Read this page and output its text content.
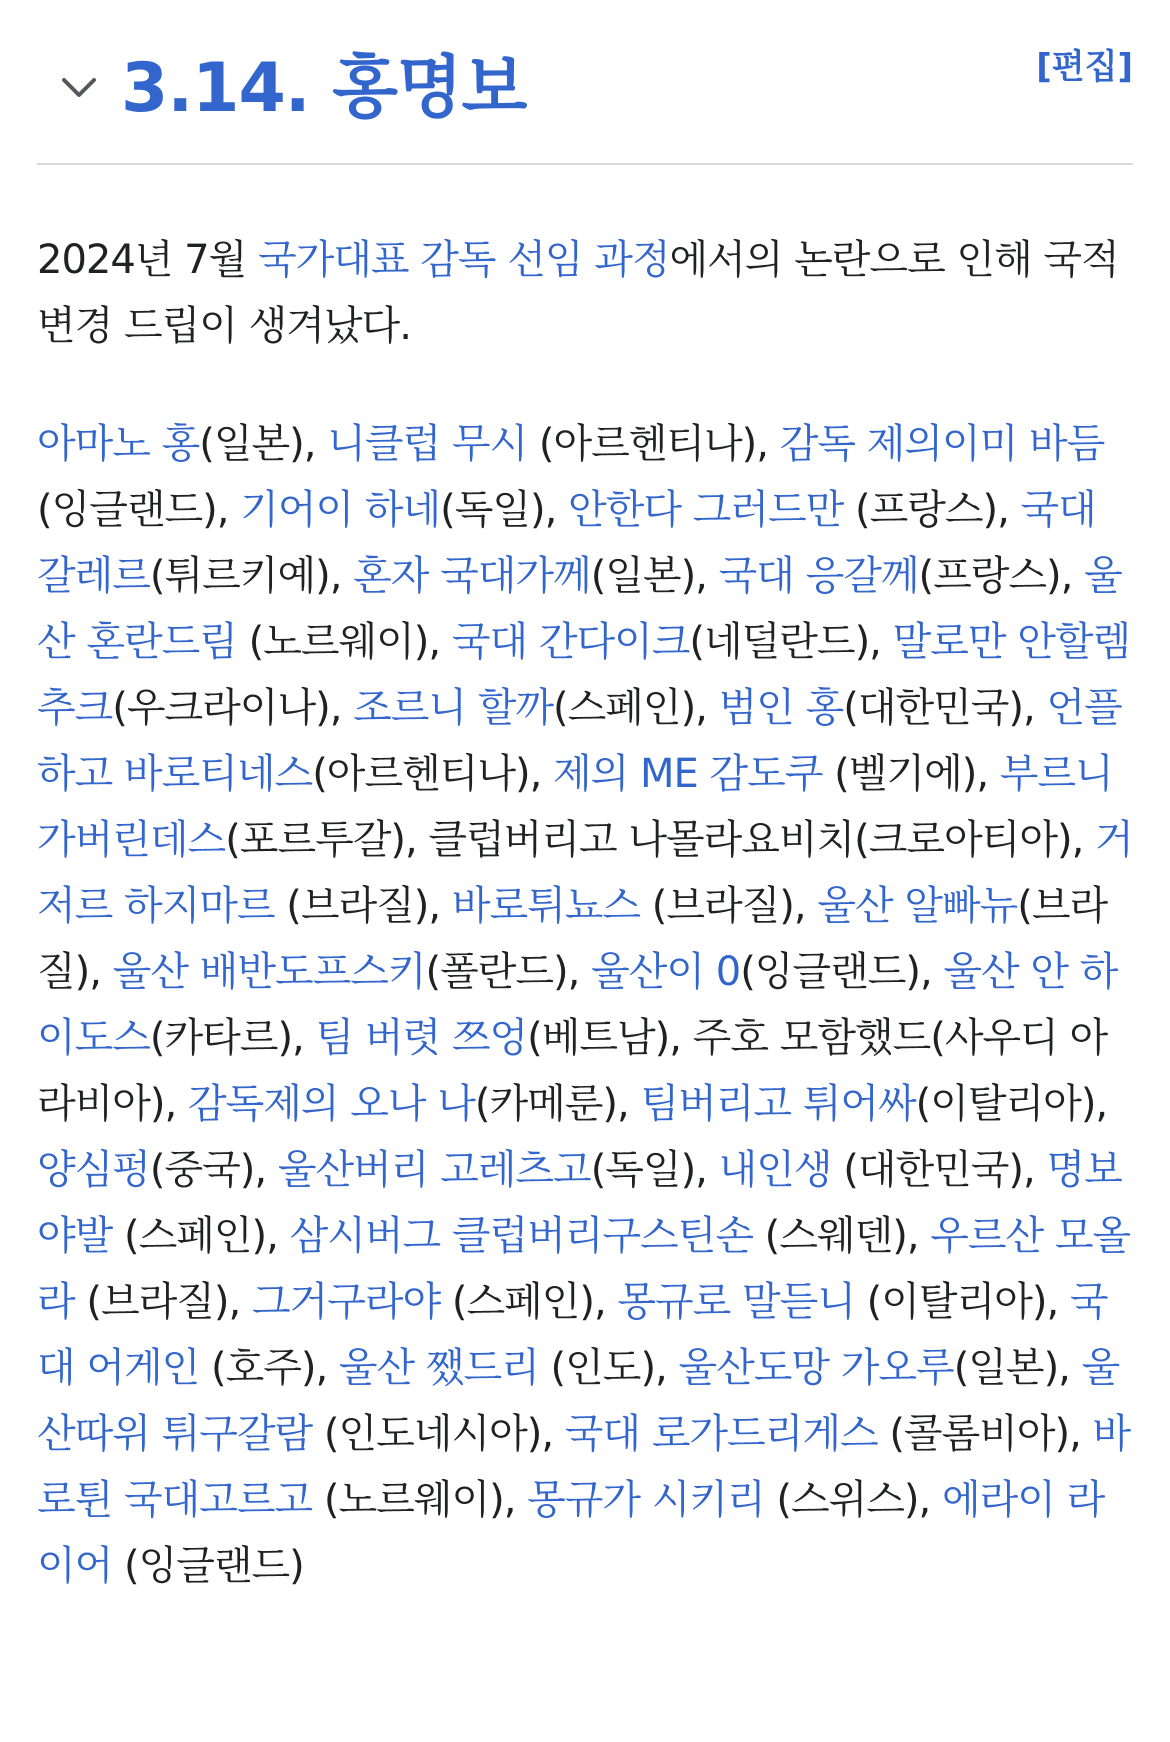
3.14. 홍명보	[편집]

2024년 7월 국가대표 감독 선임 과정에서의 논란으로 인해 국적변경 드립이 생겨났다.

아마노 홍(일본), 니클럽 무시 (아르헨티나), 감독 제의이미 바듬(잉글랜드), 기어이 하네(독일), 안한다 그러드만 (프랑스), 국대 갈레르(튀르키예), 혼자 국대가께(일본), 국대 응갈께(프랑스), 울산 혼란드림 (노르웨이), 국대 간다이크(네덜란드), 말로만 안할렘추크(우크라이나), 조르니 할까(스페인), 범인 홍(대한민국), 언플하고 바로티네스(아르헨티나), 제의 ME 감도쿠 (벨기에), 부르니 가버린데스(포르투갈), 클럽버리고 나몰라요비치(크로아티아), 거저르 하지마르 (브라질), 바로튀뇨스 (브라질), 울산 알빠뉴(브라질), 울산 배반도프스키(폴란드), 울산이 0(잉글랜드), 울산 안 하이도스(카타르), 팀 버렷 쯔엉(베트남), 주호 모함했드(사우디 아라비아), 감독제의 오나 나(카메룬), 팀버리고 튀어싸(이탈리아), 양심펑(중국), 울산버리 고레츠고(독일), 내인생 (대한민국), 명보 야발 (스페인), 삼시버그 클럽버리구스틴손 (스웨덴), 우르산 모올라 (브라질), 그거구라야 (스페인), 몽규로 말듣니 (이탈리아), 국대 어게인 (호주), 울산 쨌드리 (인도), 울산도망 가오루(일본), 울산따위 튀구갈람 (인도네시아), 국대 로가드리게스 (콜롬비아), 바로튄 국대고르고 (노르웨이), 몽규가 시키리 (스위스), 에라이 라이어 (잉글랜드)
